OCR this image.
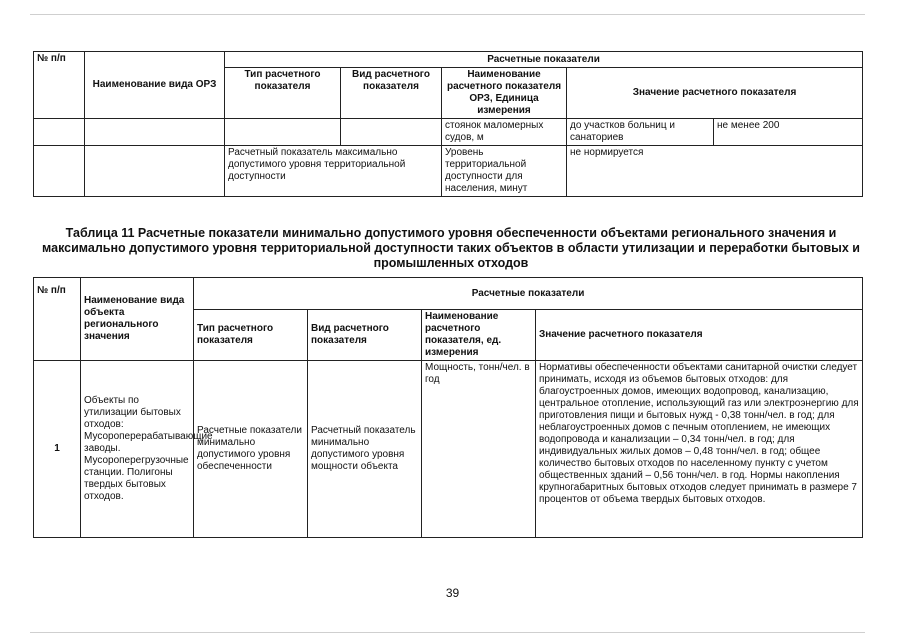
№ п/п	Наименование вида ОРЗ	Расчетные показатели				
		Тип расчетного показателя	Вид расчетного показателя	Наименование расчетного показателя ОРЗ, Единица измерения	Значение расчетного показателя	
				стоянок маломерных судов, м	до участков больниц и санаториев	не менее 200
		Расчетный показатель максимально допустимого уровня территориальной доступности		Уровень территориальной доступности для населения, минут	не нормируется	
Таблица 11 Расчетные показатели минимально допустимого уровня обеспеченности объектами регионального значения и максимально допустимого уровня территориальной доступности таких объектов в области утилизации и переработки бытовых и промышленных отходов
№ п/п	Наименование вида объекта регионального значения	Расчетные показатели			
		Тип расчетного показателя	Вид расчетного показателя	Наименование расчетного показателя, ед. измерения	Значение расчетного показателя
1	Объекты по утилизации бытовых отходов: Мусороперерабатывающие заводы. Мусороперегрузочные станции. Полигоны твердых бытовых отходов.	Расчетные показатели минимально допустимого уровня обеспеченности	Расчетный показатель минимально допустимого уровня мощности объекта	Мощность, тонн/чел. в год	Нормативы обеспеченности объектами санитарной очистки следует принимать, исходя из объемов бытовых отходов: для благоустроенных домов, имеющих водопровод, канализацию, центральное отопление, использующий газ или электроэнергию для приготовления пищи и бытовых нужд - 0,38 тонн/чел. в год; для неблагоустроенных домов с печным отоплением, не имеющих водопровода и канализации – 0,34 тонн/чел. в год; для индивидуальных жилых домов – 0,48 тонн/чел. в год; общее количество бытовых отходов по населенному пункту с учетом общественных зданий – 0,56 тонн/чел. в год. Нормы накопления крупногабаритных бытовых отходов следует принимать в размере 7 процентов от объема твердых бытовых отходов.
39
